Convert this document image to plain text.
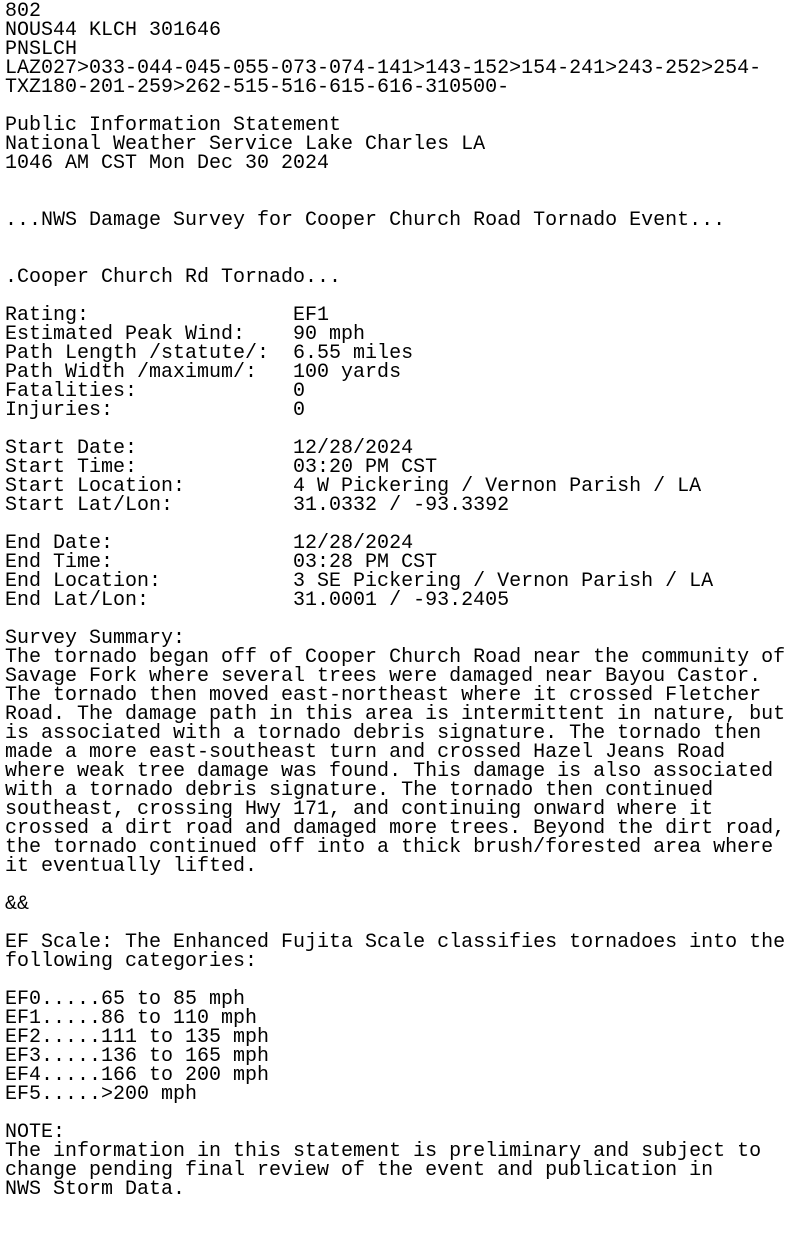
802
NOUS44 KLCH 301646
PNSLCH
LAZ027>033-044-045-055-073-074-141>143-152>154-241>243-252>254-
TXZ180-201-259>262-515-516-615-616-310500-
Public Information Statement
National Weather Service Lake Charles LA
1046 AM CST Mon Dec 30 2024
...NWS Damage Survey for Cooper Church Road Tornado Event...
.Cooper Church Rd Tornado...
Rating:                 EF1
Estimated Peak Wind:    90 mph
Path Length /statute/:  6.55 miles
Path Width /maximum/:   100 yards
Fatalities:             0
Injuries:               0
Start Date:             12/28/2024
Start Time:             03:20 PM CST
Start Location:         4 W Pickering / Vernon Parish / LA
Start Lat/Lon:          31.0332 / -93.3392
End Date:               12/28/2024
End Time:               03:28 PM CST
End Location:           3 SE Pickering / Vernon Parish / LA
End Lat/Lon:            31.0001 / -93.2405
Survey Summary:
The tornado began off of Cooper Church Road near the community of
Savage Fork where several trees were damaged near Bayou Castor.
The tornado then moved east-northeast where it crossed Fletcher
Road. The damage path in this area is intermittent in nature, but
is associated with a tornado debris signature. The tornado then
made a more east-southeast turn and crossed Hazel Jeans Road
where weak tree damage was found. This damage is also associated
with a tornado debris signature. The tornado then continued
southeast, crossing Hwy 171, and continuing onward where it
crossed a dirt road and damaged more trees. Beyond the dirt road,
the tornado continued off into a thick brush/forested area where
it eventually lifted.
&&
EF Scale: The Enhanced Fujita Scale classifies tornadoes into the
following categories:
EF0.....65 to 85 mph
EF1.....86 to 110 mph
EF2.....111 to 135 mph
EF3.....136 to 165 mph
EF4.....166 to 200 mph
EF5.....>200 mph
NOTE:
The information in this statement is preliminary and subject to
change pending final review of the event and publication in
NWS Storm Data.
